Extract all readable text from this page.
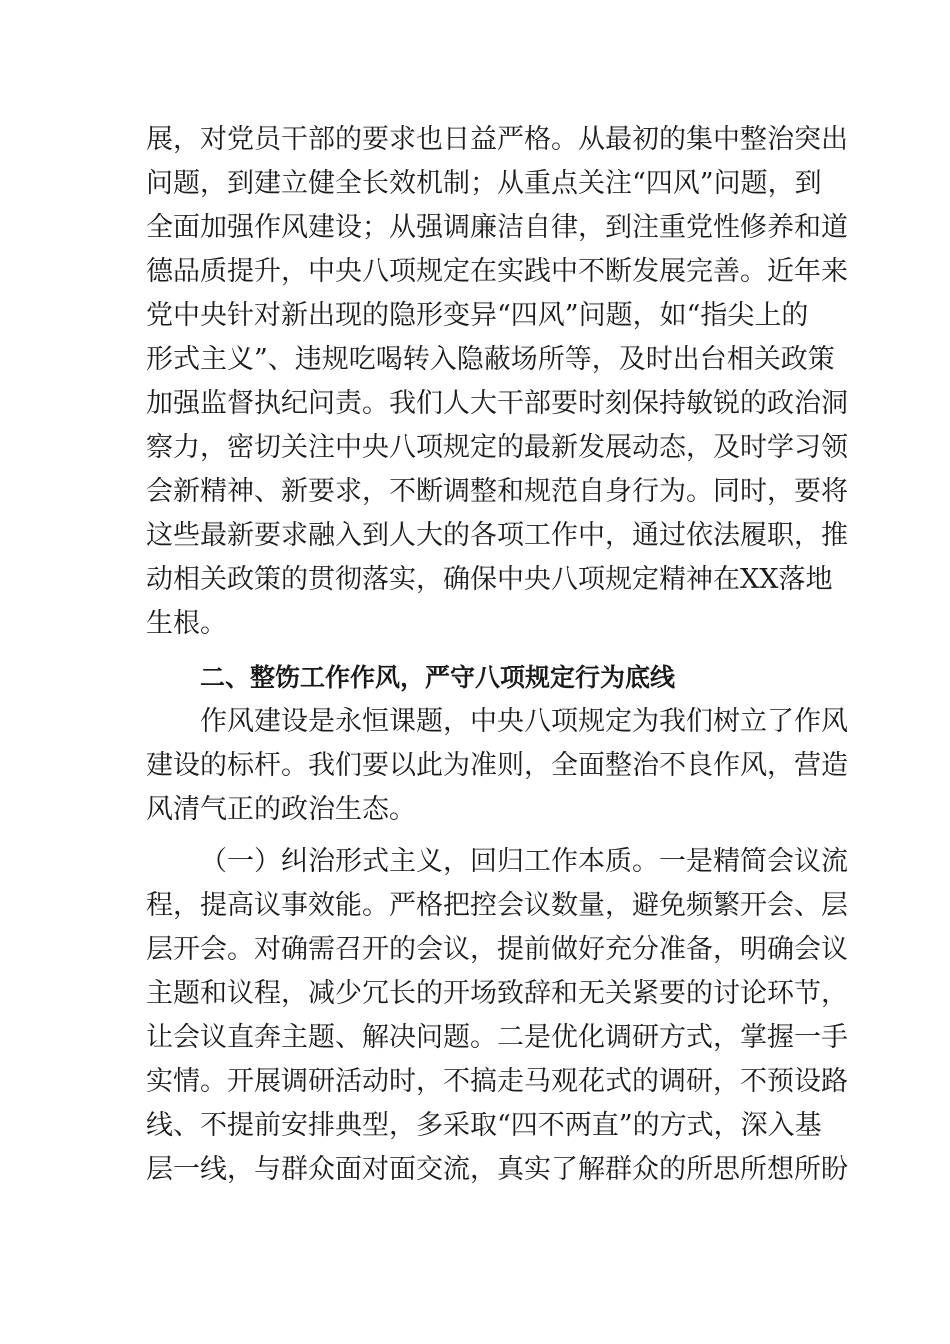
展，对党员干部的要求也日益严格。从最初的集中整治突出
问题，到建立健全长效机制；从重点关注“四风”问题，到
全面加强作风建设；从强调廉洁自律，到注重党性修养和道
德品质提升，中央八项规定在实践中不断发展完善。近年来
党中央针对新出现的隐形变异“四风”问题，如“指尖上的
形式主义”、违规吃喝转入隐蔽场所等，及时出台相关政策
加强监督执纪问责。我们人大干部要时刻保持敏锐的政治洞
察力，密切关注中央八项规定的最新发展动态，及时学习领
会新精神、新要求，不断调整和规范自身行为。同时，要将
这些最新要求融入到人大的各项工作中，通过依法履职，推
动相关政策的贯彻落实，确保中央八项规定精神在XX落地
生根。
二、整饬工作作风，严守八项规定行为底线
作风建设是永恒课题，中央八项规定为我们树立了作风
建设的标杆。我们要以此为准则，全面整治不良作风，营造
风清气正的政治生态。
（一）纠治形式主义，回归工作本质。一是精简会议流
程，提高议事效能。严格把控会议数量，避免频繁开会、层
层开会。对确需召开的会议，提前做好充分准备，明确会议
主题和议程，减少冗长的开场致辞和无关紧要的讨论环节，
让会议直奔主题、解决问题。二是优化调研方式，掌握一手
实情。开展调研活动时，不搞走马观花式的调研，不预设路
线、不提前安排典型，多采取“四不两直”的方式，深入基
层一线，与群众面对面交流，真实了解群众的所思所想所盼
